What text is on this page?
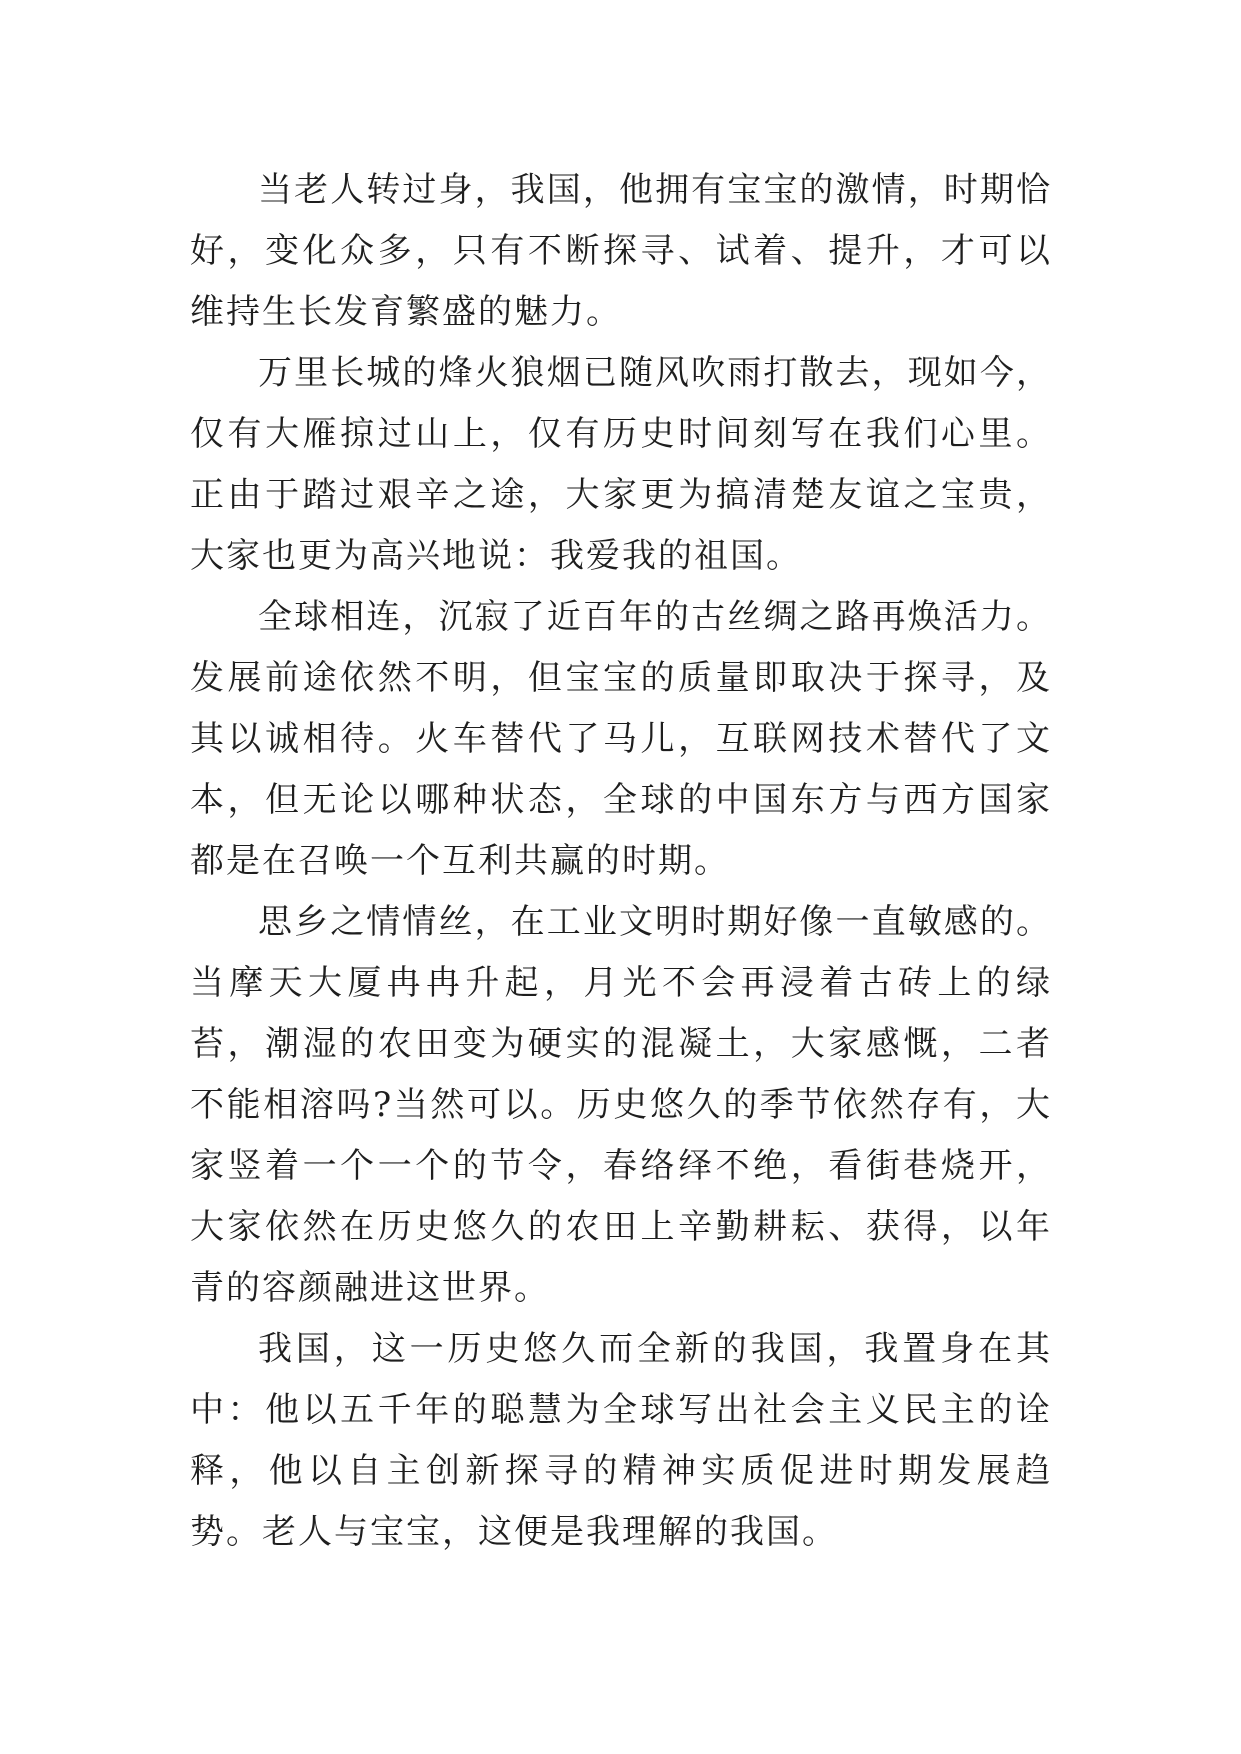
当老人转过身，我国，他拥有宝宝的激情，时期恰好，变化众多，只有不断探寻、试着、提升，才可以维持生长发育繁盛的魅力。

万里长城的烽火狼烟已随风吹雨打散去，现如今，仅有大雁掠过山上，仅有历史时间刻写在我们心里。正由于踏过艰辛之途，大家更为搞清楚友谊之宝贵，大家也更为高兴地说：我爱我的祖国。

全球相连，沉寂了近百年的古丝绸之路再焕活力。发展前途依然不明，但宝宝的质量即取决于探寻，及其以诚相待。火车替代了马儿，互联网技术替代了文本，但无论以哪种状态，全球的中国东方与西方国家都是在召唤一个互利共赢的时期。

思乡之情情丝，在工业文明时期好像一直敏感的。当摩天大厦冉冉升起，月光不会再浸着古砖上的绿苔，潮湿的农田变为硬实的混凝土，大家感慨，二者不能相溶吗?当然可以。历史悠久的季节依然存有，大家竖着一个一个的节令，春络绎不绝，看街巷烧开，大家依然在历史悠久的农田上辛勤耕耘、获得，以年青的容颜融进这世界。

我国，这一历史悠久而全新的我国，我置身在其中：他以五千年的聪慧为全球写出社会主义民主的诠释，他以自主创新探寻的精神实质促进时期发展趋势。老人与宝宝，这便是我理解的我国。
